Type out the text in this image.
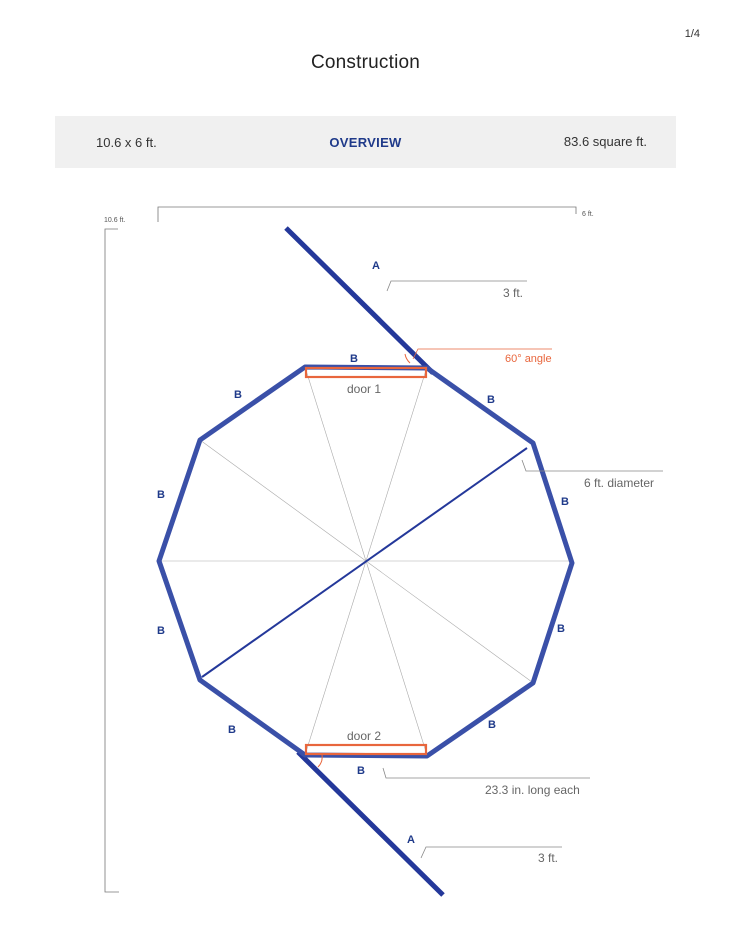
1/4
Construction
10.6 x 6 ft.	OVERVIEW	83.6 square ft.
6 ft.
10.6 ft.
door 1
door 2
A
3 ft.
A
3 ft.
60° angle
6 ft. diameter
23.3 in. long each
B
B	B
B
B
B	B
B
B
B
